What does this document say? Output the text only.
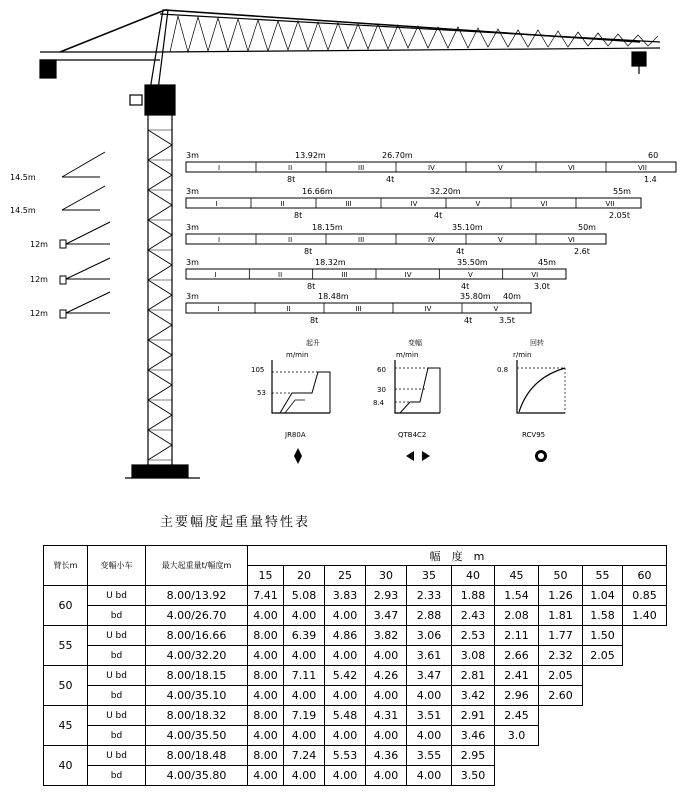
14.5m
14.5m
12m
12m
12m
3m	13.92m	26.70m	60
I	II	III	IV	V	VI	VII
8t	4t	1.4
3m	16.66m	32.20m	55m
I	II	III	IV	V	VI	VII
8t	4t	2.05t
3m	18.15m	35.10m	50m
I	II	III	IV	V	VI
8t	4t	2.6t
3m	18.32m	35.50m	45m
I	II	III	IV	V	VI
8t	4t	3.0t
3m	18.48m	35.80m 40m
I	II	III	IV	V
8t	4t	3.5t
起升
m/min
105
53
JR80A
变幅
m/min
60
30
8.4
QTB4C2
回转
r/min
0.8
RCV95
主要幅度起重量特性表
臂长m	变幅小车	最大起重量t/幅度m	幅　度　m									
			15	20	25	30	35	40	45	50	55	60
60	U bd	8.00/13.92	7.41	5.08	3.83	2.93	2.33	1.88	1.54	1.26	1.04	0.85
	bd	4.00/26.70	4.00	4.00	4.00	3.47	2.88	2.43	2.08	1.81	1.58	1.40
55	U bd	8.00/16.66	8.00	6.39	4.86	3.82	3.06	2.53	2.11	1.77	1.50	
	bd	4.00/32.20	4.00	4.00	4.00	4.00	3.61	3.08	2.66	2.32	2.05	
50	U bd	8.00/18.15	8.00	7.11	5.42	4.26	3.47	2.81	2.41	2.05		
	bd	4.00/35.10	4.00	4.00	4.00	4.00	4.00	3.42	2.96	2.60		
45	U bd	8.00/18.32	8.00	7.19	5.48	4.31	3.51	2.91	2.45			
	bd	4.00/35.50	4.00	4.00	4.00	4.00	4.00	3.46	3.0			
40	U bd	8.00/18.48	8.00	7.24	5.53	4.36	3.55	2.95				
	bd	4.00/35.80	4.00	4.00	4.00	4.00	4.00	3.50				
